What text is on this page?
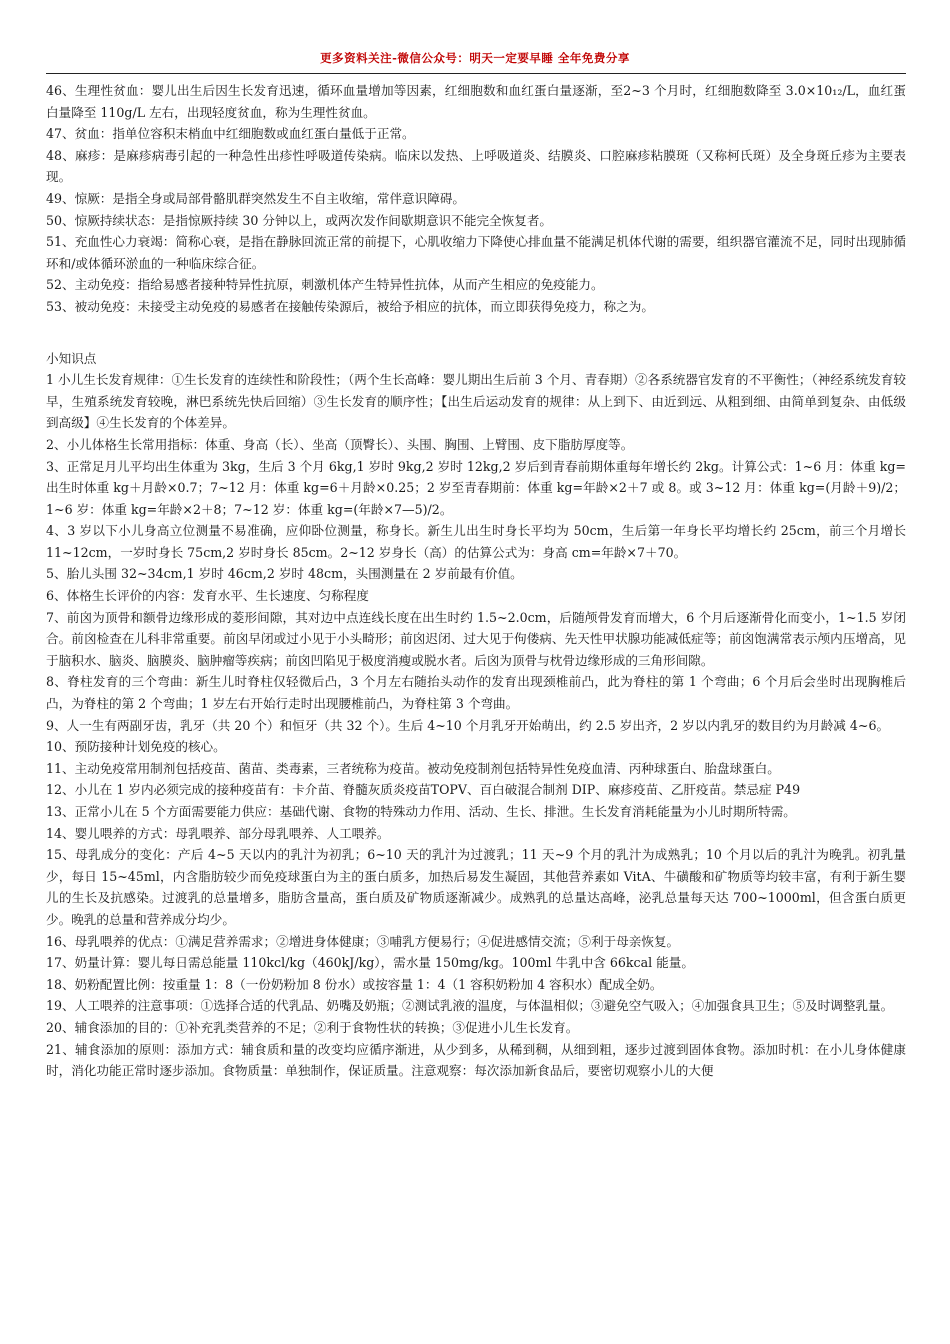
更多资料关注-微信公众号：明天一定要早睡 全年免费分享

46、生理性贫血：婴儿出生后因生长发育迅速，循环血量增加等因素，红细胞数和血红蛋白量逐渐，至2~3 个月时，红细胞数降至 3.0×10₁₂/L，血红蛋白量降至 110g/L 左右，出现轻度贫血，称为生理性贫血。

47、贫血：指单位容积末梢血中红细胞数或血红蛋白量低于正常。

48、麻疹：是麻疹病毒引起的一种急性出疹性呼吸道传染病。临床以发热、上呼吸道炎、结膜炎、口腔麻疹粘膜斑（又称柯氏斑）及全身斑丘疹为主要表现。

49、惊厥：是指全身或局部骨骼肌群突然发生不自主收缩，常伴意识障碍。

50、惊厥持续状态：是指惊厥持续 30 分钟以上，或两次发作间歇期意识不能完全恢复者。

51、充血性心力衰竭：简称心衰，是指在静脉回流正常的前提下，心肌收缩力下降使心排血量不能满足机体代谢的需要，组织器官灌流不足，同时出现肺循环和/或体循环淤血的一种临床综合征。

52、主动免疫：指给易感者接种特异性抗原，刺激机体产生特异性抗体，从而产生相应的免疫能力。

53、被动免疫：未接受主动免疫的易感者在接触传染源后，被给予相应的抗体，而立即获得免疫力，称之为。

小知识点

1 小儿生长发育规律：①生长发育的连续性和阶段性；（两个生长高峰：婴儿期出生后前 3 个月、青春期）②各系统器官发育的不平衡性；（神经系统发育较早，生殖系统发育较晚，淋巴系统先快后回缩）③生长发育的顺序性；【出生后运动发育的规律：从上到下、由近到远、从粗到细、由简单到复杂、由低级到高级】④生长发育的个体差异。

2、小儿体格生长常用指标：体重、身高（长）、坐高（顶臀长）、头围、胸围、上臂围、皮下脂肪厚度等。

3、正常足月儿平均出生体重为 3kg，生后 3 个月 6kg,1 岁时 9kg,2 岁时 12kg,2 岁后到青春前期体重每年增长约 2kg。计算公式：1~6 月：体重 kg=出生时体重 kg＋月龄×0.7；7~12 月：体重 kg=6＋月龄×0.25；2 岁至青春期前：体重 kg=年龄×2＋7 或 8。或 3~12 月：体重 kg=(月龄＋9)/2；1~6 岁：体重 kg=年龄×2＋8；7~12 岁：体重 kg=(年龄×7—5)/2。

4、3 岁以下小儿身高立位测量不易准确，应仰卧位测量，称身长。新生儿出生时身长平均为 50cm，生后第一年身长平均增长约 25cm，前三个月增长 11~12cm，一岁时身长 75cm,2 岁时身长 85cm。2~12 岁身长（高）的估算公式为：身高 cm=年龄×7＋70。

5、胎儿头围 32~34cm,1 岁时 46cm,2 岁时 48cm，头围测量在 2 岁前最有价值。

6、体格生长评价的内容：发育水平、生长速度、匀称程度

7、前囟为顶骨和额骨边缘形成的菱形间隙，其对边中点连线长度在出生时约 1.5~2.0cm，后随颅骨发育而增大，6 个月后逐渐骨化而变小，1~1.5 岁闭合。前囟检查在儿科非常重要。前囟早闭或过小见于小头畸形；前囟迟闭、过大见于佝偻病、先天性甲状腺功能减低症等；前囟饱满常表示颅内压增高，见于脑积水、脑炎、脑膜炎、脑肿瘤等疾病；前囟凹陷见于极度消瘦或脱水者。后囟为顶骨与枕骨边缘形成的三角形间隙。

8、脊柱发育的三个弯曲：新生儿时脊柱仅轻微后凸，3 个月左右随抬头动作的发育出现颈椎前凸，此为脊柱的第 1 个弯曲；6 个月后会坐时出现胸椎后凸，为脊柱的第 2 个弯曲；1 岁左右开始行走时出现腰椎前凸，为脊柱第 3 个弯曲。

9、人一生有两副牙齿，乳牙（共 20 个）和恒牙（共 32 个）。生后 4~10 个月乳牙开始萌出，约 2.5 岁出齐，2 岁以内乳牙的数目约为月龄减 4~6。

10、预防接种计划免疫的核心。

11、主动免疫常用制剂包括疫苗、菌苗、类毒素，三者统称为疫苗。被动免疫制剂包括特异性免疫血清、丙种球蛋白、胎盘球蛋白。

12、小儿在 1 岁内必须完成的接种疫苗有：卡介苗、脊髓灰质炎疫苗TOPV、百白破混合制剂 DIP、麻疹疫苗、乙肝疫苗。禁忌症 P49

13、正常小儿在 5 个方面需要能力供应：基础代谢、食物的特殊动力作用、活动、生长、排泄。生长发育消耗能量为小儿时期所特需。

14、婴儿喂养的方式：母乳喂养、部分母乳喂养、人工喂养。

15、母乳成分的变化：产后 4~5 天以内的乳汁为初乳；6~10 天的乳汁为过渡乳；11 天~9 个月的乳汁为成熟乳；10 个月以后的乳汁为晚乳。初乳量少，每日 15~45ml，内含脂肪较少而免疫球蛋白为主的蛋白质多，加热后易发生凝固，其他营养素如 VitA、牛磺酸和矿物质等均较丰富，有利于新生婴儿的生长及抗感染。过渡乳的总量增多，脂肪含量高，蛋白质及矿物质逐渐减少。成熟乳的总量达高峰，泌乳总量每天达 700~1000ml，但含蛋白质更少。晚乳的总量和营养成分均少。

16、母乳喂养的优点：①满足营养需求；②增进身体健康；③哺乳方便易行；④促进感情交流；⑤利于母亲恢复。

17、奶量计算：婴儿每日需总能量 110kcl/kg（460kJ/kg），需水量 150mg/kg。100ml 牛乳中含 66kcal 能量。

18、奶粉配置比例：按重量 1：8（一份奶粉加 8 份水）或按容量 1：4（1 容积奶粉加 4 容积水）配成全奶。

19、人工喂养的注意事项：①选择合适的代乳品、奶嘴及奶瓶；②测试乳液的温度，与体温相似；③避免空气吸入；④加强食具卫生；⑤及时调整乳量。

20、辅食添加的目的：①补充乳类营养的不足；②利于食物性状的转换；③促进小儿生长发育。

21、辅食添加的原则：添加方式：辅食质和量的改变均应循序渐进，从少到多，从稀到稠，从细到粗，逐步过渡到固体食物。添加时机：在小儿身体健康时，消化功能正常时逐步添加。食物质量：单独制作，保证质量。注意观察：每次添加新食品后，要密切观察小儿的大便
